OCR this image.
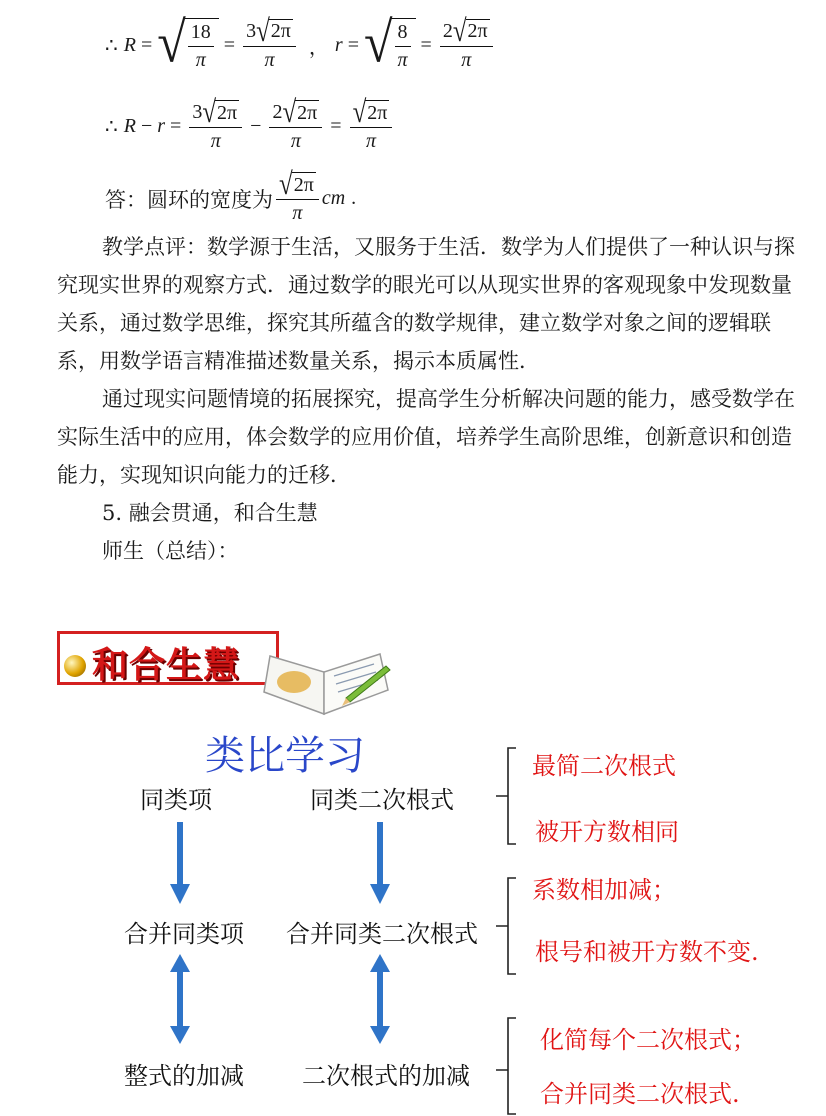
∴ R = √ $\frac{18}{\pi} = \frac{3 √ 2\pi}{\pi}$ ， r = √ $\frac{8}{\pi} = \frac{2 √ 2\pi}{\pi}$
∴ $R - r = \frac{3 √ 2\pi}{\pi} - \frac{2 √ 2\pi}{\pi} = \frac{√ 2\pi}{\pi}$
答：圆环的宽度为 $\frac{√ 2\pi}{\pi}$ cm .

教学点评：数学源于生活，又服务于生活．数学为人们提供了一种认识与探究现实世界的观察方式．通过数学的眼光可以从现实世界的客观现象中发现数量关系，通过数学思维，探究其所蕴含的数学规律，建立数学对象之间的逻辑联系，用数学语言精准描述数量关系，揭示本质属性．

通过现实问题情境的拓展探究，提高学生分析解决问题的能力，感受数学在实际生活中的应用，体会数学的应用价值，培养学生高阶思维，创新意识和创造能力，实现知识向能力的迁移．

5. 融会贯通，和合生慧

师生（总结）：

和合生慧
类比学习
同类项	同类二次根式
最简二次根式
被开方数相同
合并同类项 合并同类二次根式
系数相加减；
根号和被开方数不变.
整式的加减 二次根式的加减
化简每个二次根式；
合并同类二次根式.
